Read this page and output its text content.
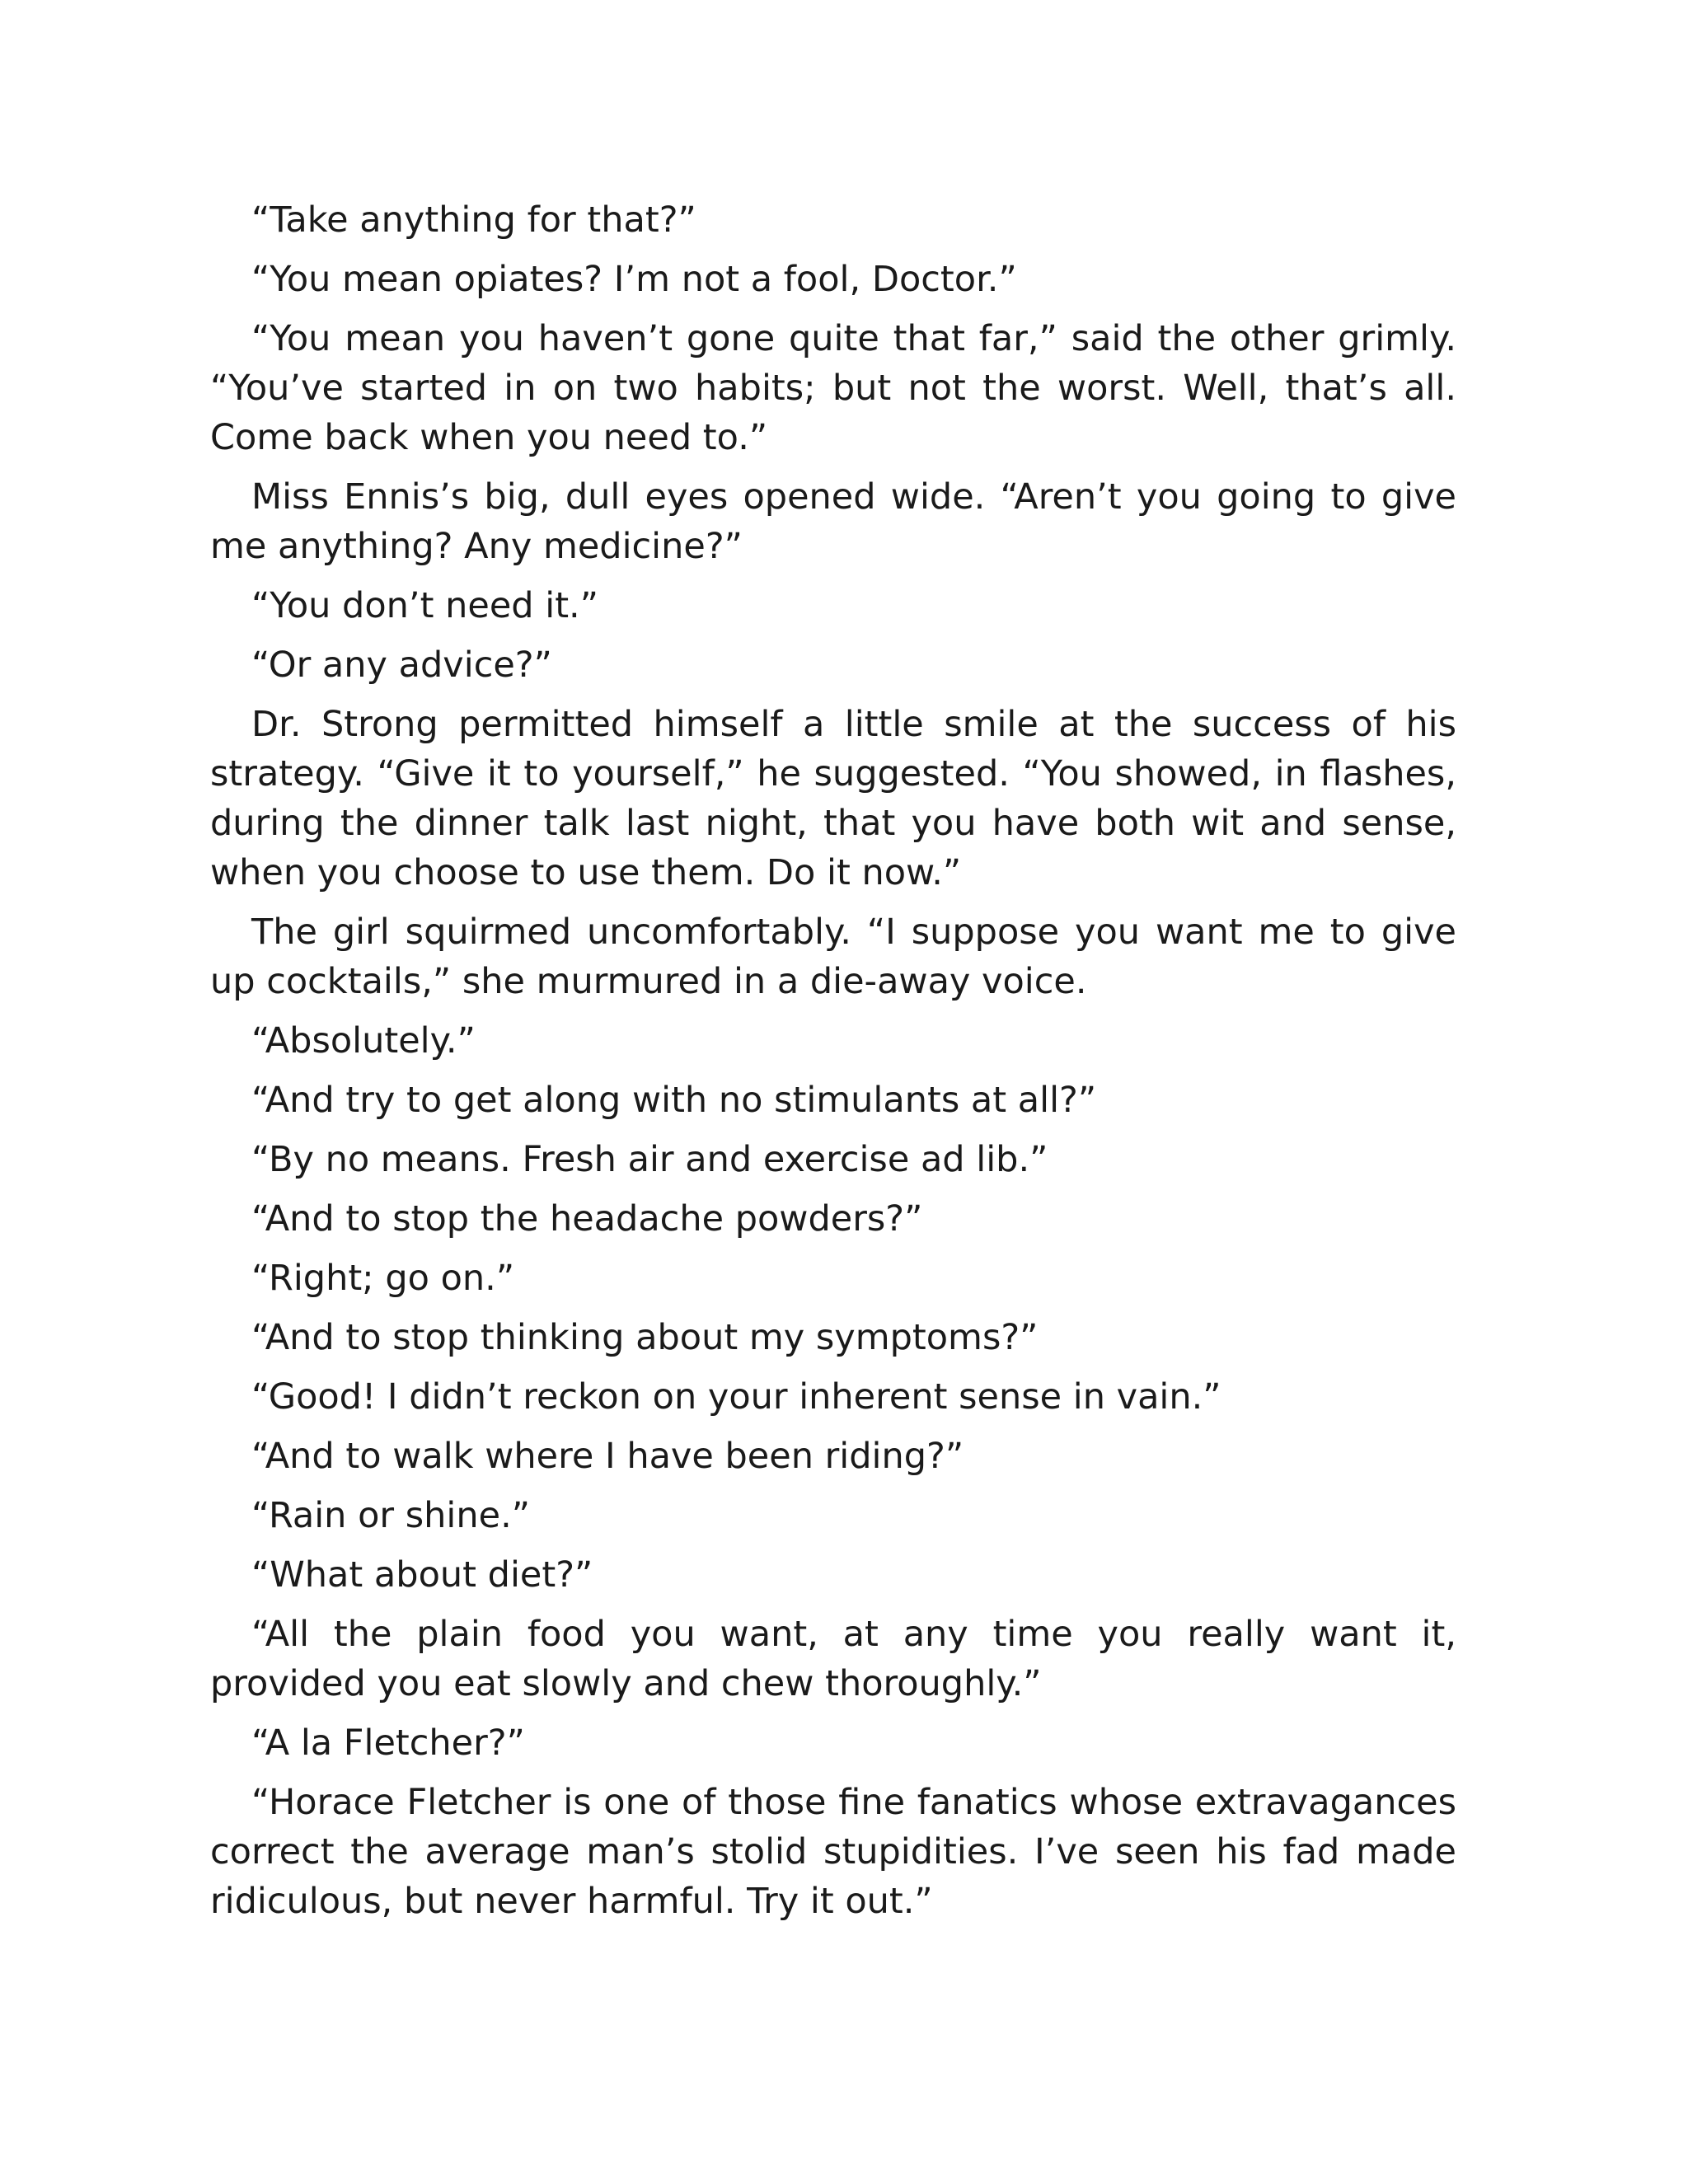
“Take anything for that?”

“You mean opiates? I’m not a fool, Doctor.”

“You mean you haven’t gone quite that far,” said the other grimly. “You’ve started in on two habits; but not the worst. Well, that’s all. Come back when you need to.”

Miss Ennis’s big, dull eyes opened wide. “Aren’t you going to give me anything? Any medicine?”

“You don’t need it.”

“Or any advice?”

Dr. Strong permitted himself a little smile at the success of his strategy. “Give it to yourself,” he suggested. “You showed, in flashes, during the dinner talk last night, that you have both wit and sense, when you choose to use them. Do it now.”

The girl squirmed uncomfortably. “I suppose you want me to give up cocktails,” she murmured in a die-away voice.

“Absolutely.”

“And try to get along with no stimulants at all?”

“By no means. Fresh air and exercise ad lib.”

“And to stop the headache powders?”

“Right; go on.”

“And to stop thinking about my symptoms?”

“Good! I didn’t reckon on your inherent sense in vain.”

“And to walk where I have been riding?”

“Rain or shine.”

“What about diet?”

“All the plain food you want, at any time you really want it, provided you eat slowly and chew thoroughly.”

“A la Fletcher?”

“Horace Fletcher is one of those fine fanatics whose extravagances correct the average man’s stolid stupidities. I’ve seen his fad made ridiculous, but never harmful. Try it out.”
